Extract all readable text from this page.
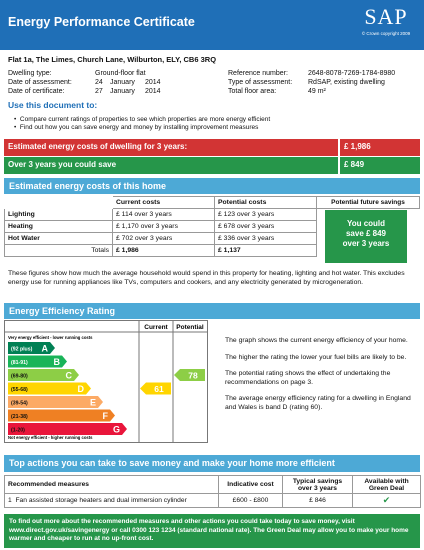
Energy Performance Certificate	SAP
© Crown copyright 2009
Flat 1a, The Limes, Church Lane, Wilburton, ELY, CB6 3RQ
Dwelling type:	Ground-floor flat	Reference number:	2648-8078-7269-1784-8980
Date of assessment:	24 January 2014	Type of assessment: RdSAP, existing dwelling
Date of certificate:	27 January 2014	Total floor area:	49 m²
Use this document to:
•  Compare current ratings of properties to see which properties are more energy efficient
•  Find out how you can save energy and money by installing improvement measures
Estimated energy costs of dwelling for 3 years:	£ 1,986
Over 3 years you could save	£ 849
Estimated energy costs of this home
	Current costs	Potential costs
Lighting	£ 114 over 3 years	£ 123 over 3 years
Heating	£ 1,170 over 3 years	£ 678 over 3 years
Hot Water	£ 702 over 3 years	£ 336 over 3 years
Totals	£ 1,986	£ 1,137
Potential future savings
You could
save £ 849
over 3 years
These figures show how much the average household would spend in this property for heating, lighting and hot water. This excludes energy use for running appliances like TVs, computers and cookers, and any electricity generated by microgeneration.
Energy Efficiency Rating
Current Potential
Very energy efficient - lower running costs
Not energy efficient - higher running costs
(92 plus) A
(81-91)	B
(69-80)	C
(55-68)	D
(39-54)	E
(21-38)	F
(1-20)	G
61
78

The graph shows the current energy efficiency of your home.

The higher the rating the lower your fuel bills are likely to be.

The potential rating shows the effect of undertaking the recommendations on page 3.

The average energy efficiency rating for a dwelling in England and Wales is band D (rating 60).

Top actions you can take to save money and make your home more efficient
Recommended measures	Indicative cost	Typical savings over 3 years	Available with Green Deal
1 Fan assisted storage heaters and dual immersion cylinder	£600 - £800	£ 846	✔
To find out more about the recommended measures and other actions you could take today to save money, visit www.direct.gov.uk/savingenergy or call 0300 123 1234 (standard national rate). The Green Deal may allow you to make your home warmer and cheaper to run at no up-front cost.
